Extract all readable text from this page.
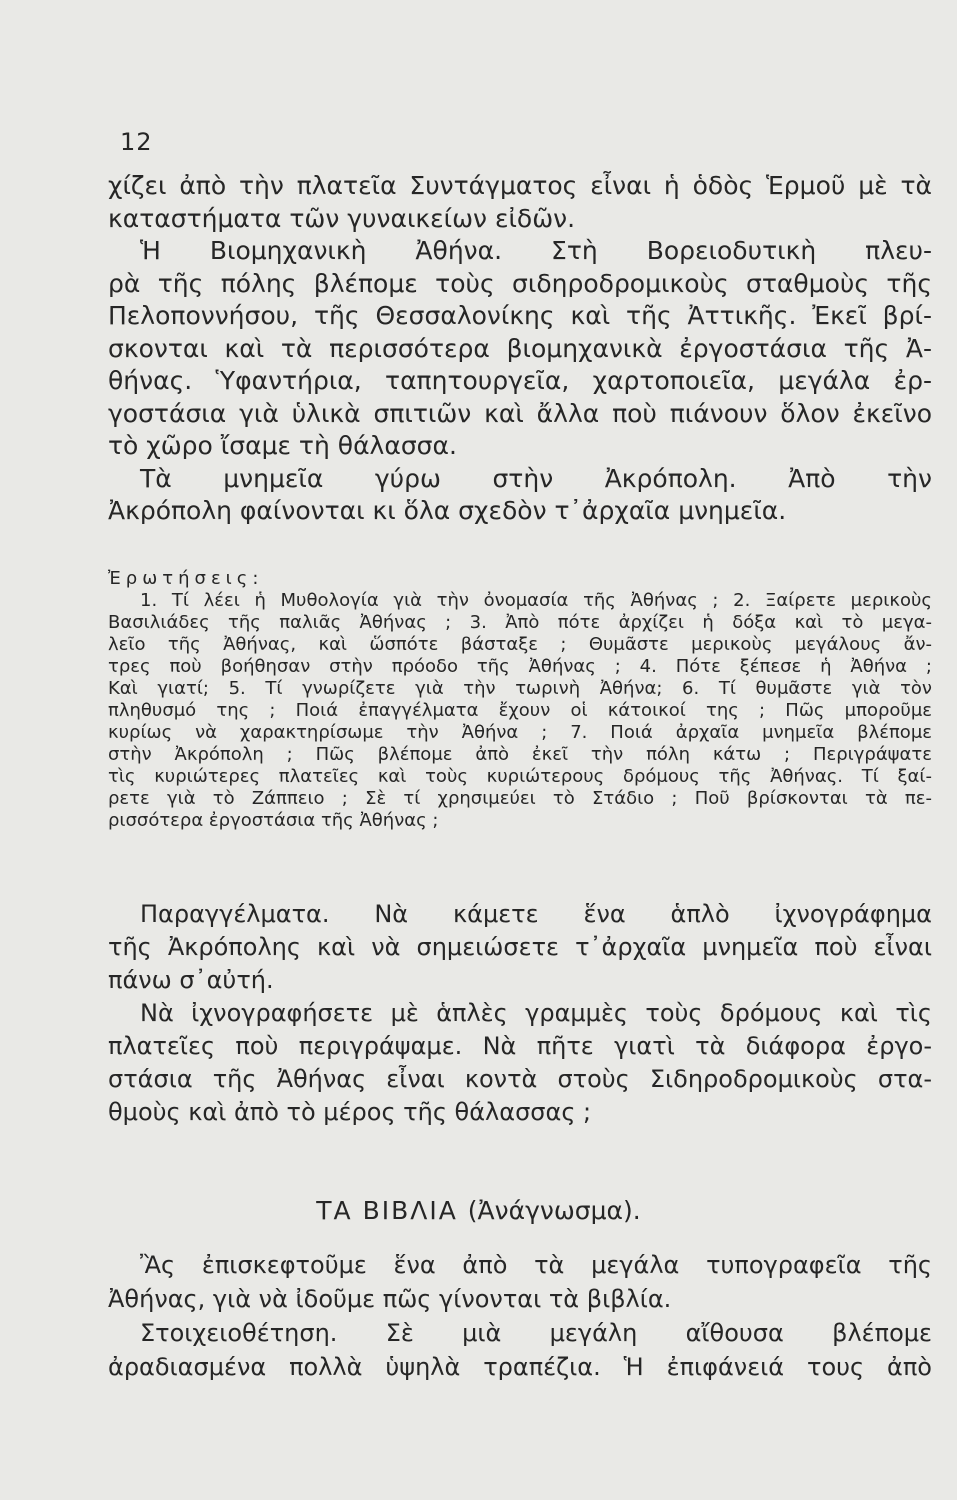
12
χίζει ἀπὸ τὴν πλατεῖα Συντάγματος εἶναι ἡ ὁδὸς Ἑρμοῦ μὲ τὰ
καταστήματα τῶν γυναικείων εἰδῶν.
Ἡ Βιομηχανικὴ Ἀθήνα. Στὴ Βορειοδυτικὴ πλευ-
ρὰ τῆς πόλης βλέπομε τοὺς σιδηροδρομικοὺς σταθμοὺς τῆς
Πελοποννήσου, τῆς Θεσσαλονίκης καὶ τῆς Ἀττικῆς. Ἐκεῖ βρί-
σκονται καὶ τὰ περισσότερα βιομηχανικὰ ἐργοστάσια τῆς Ἀ-
θήνας. Ὑφαντήρια, ταπητουργεῖα, χαρτοποιεῖα, μεγάλα ἐρ-
γοστάσια γιὰ ὑλικὰ σπιτιῶν καὶ ἄλλα ποὺ πιάνουν ὅλον ἐκεῖνο
τὸ χῶρο ἴσαμε τὴ θάλασσα.
Τὰ μνημεῖα γύρω στὴν Ἀκρόπολη. Ἀπὸ τὴν
Ἀκρόπολη φαίνονται κι ὅλα σχεδὸν τ᾽ἀρχαῖα μνημεῖα.
Ἐρωτήσεις:
1. Τί λέει ἡ Μυθολογία γιὰ τὴν ὀνομασία τῆς Ἀθήνας ; 2. Ξαίρετε μερικοὺς
Βασιλιάδες τῆς παλιᾶς Ἀθήνας ; 3. Ἀπὸ πότε ἀρχίζει ἡ δόξα καὶ τὸ μεγα-
λεῖο τῆς Ἀθήνας, καὶ ὥσπότε βάσταξε ; Θυμᾶστε μερικοὺς μεγάλους ἄν-
τρες ποὺ βοήθησαν στὴν πρόοδο τῆς Ἀθήνας ; 4. Πότε ξέπεσε ἡ Ἀθήνα ;
Καὶ γιατί; 5. Τί γνωρίζετε γιὰ τὴν τωρινὴ Ἀθήνα; 6. Τί θυμᾶστε γιὰ τὸν
πληθυσμό της ; Ποιά ἐπαγγέλματα ἔχουν οἱ κάτοικοί της ; Πῶς μποροῦμε
κυρίως νὰ χαρακτηρίσωμε τὴν Ἀθήνα ; 7. Ποιά ἀρχαῖα μνημεῖα βλέπομε
στὴν Ἀκρόπολη ; Πῶς βλέπομε ἀπὸ ἐκεῖ τὴν πόλη κάτω ; Περιγράψατε
τὶς κυριώτερες πλατεῖες καὶ τοὺς κυριώτερους δρόμους τῆς Ἀθήνας. Τί ξαί-
ρετε γιὰ τὸ Ζάππειο ; Σὲ τί χρησιμεύει τὸ Στάδιο ; Ποῦ βρίσκονται τὰ πε-
ρισσότερα ἐργοστάσια τῆς Ἀθήνας ;
Παραγγέλματα. Νὰ κάμετε ἕνα ἁπλὸ ἰχνογράφημα
τῆς Ἀκρόπολης καὶ νὰ σημειώσετε τ᾽ἀρχαῖα μνημεῖα ποὺ εἶναι
πάνω σ᾽αὐτή.
Νὰ ἰχνογραφήσετε μὲ ἁπλὲς γραμμὲς τοὺς δρόμους καὶ τὶς
πλατεῖες ποὺ περιγράψαμε. Νὰ πῆτε γιατὶ τὰ διάφορα ἐργο-
στάσια τῆς Ἀθήνας εἶναι κοντὰ στοὺς Σιδηροδρομικοὺς στα-
θμοὺς καὶ ἀπὸ τὸ μέρος τῆς θάλασσας ;
ΤΑ ΒΙΒΛΙΑ (Ἀνάγνωσμα).
Ἂς ἐπισκεφτοῦμε ἕνα ἀπὸ τὰ μεγάλα τυπογραφεῖα τῆς
Ἀθήνας, γιὰ νὰ ἰδοῦμε πῶς γίνονται τὰ βιβλία.
Στοιχειοθέτηση. Σὲ μιὰ μεγάλη αἴθουσα βλέπομε
ἀραδιασμένα πολλὰ ὑψηλὰ τραπέζια. Ἡ ἐπιφάνειά τους ἀπὸ
